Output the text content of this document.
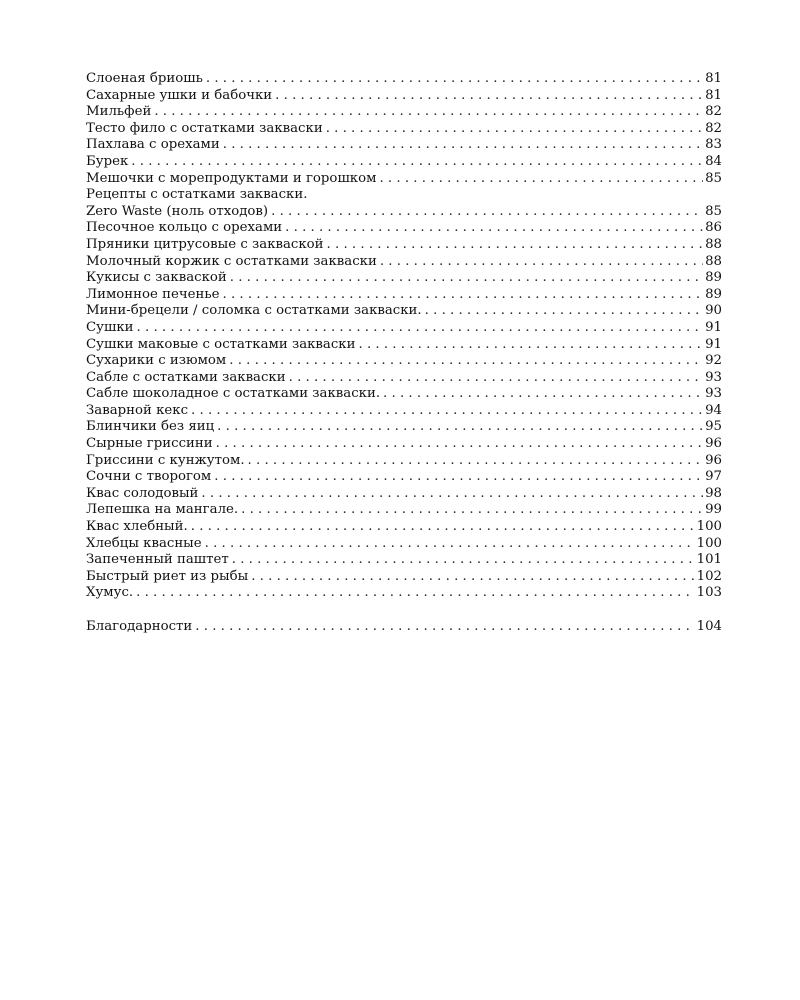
Слоеная бриошь . . .	81
Сахарные ушки и бабочки . . .	81
Мильфей . . .	82
Тесто фило с остатками закваски . . .	82
Пахлава с орехами . . .	83
Бурек . . .	84
Мешочки с морепродуктами и горошком . . .	85
Рецепты с остатками закваски.
Zero Waste (ноль отходов) . . .	85
Песочное кольцо с орехами . . .	86
Пряники цитрусовые с закваской . . .	88
Молочный коржик с остатками закваски . . .	88
Кукисы с закваской . . .	89
Лимонное печенье . . .	89
Мини-брецели / соломка с остатками закваски. . . .	90
Сушки . . .	91
Сушки маковые с остатками закваски . . .	91
Сухарики с изюмом . . .	92
Сабле с остатками закваски . . .	93
Сабле шоколадное с остатками закваски. . . .	93
Заварной кекс . . .	94
Блинчики без яиц . . .	95
Сырные гриссини . . .	96
Гриссини с кунжутом. . . .	96
Сочни с творогом . . .	97
Квас солодовый . . .	98
Лепешка на мангале. . . .	99
Квас хлебный. . . .	100
Хлебцы квасные . . .	100
Запеченный паштет . . .	101
Быстрый риет из рыбы . . .	102
Хумус. . . .	103
Благодарности . . .	104
